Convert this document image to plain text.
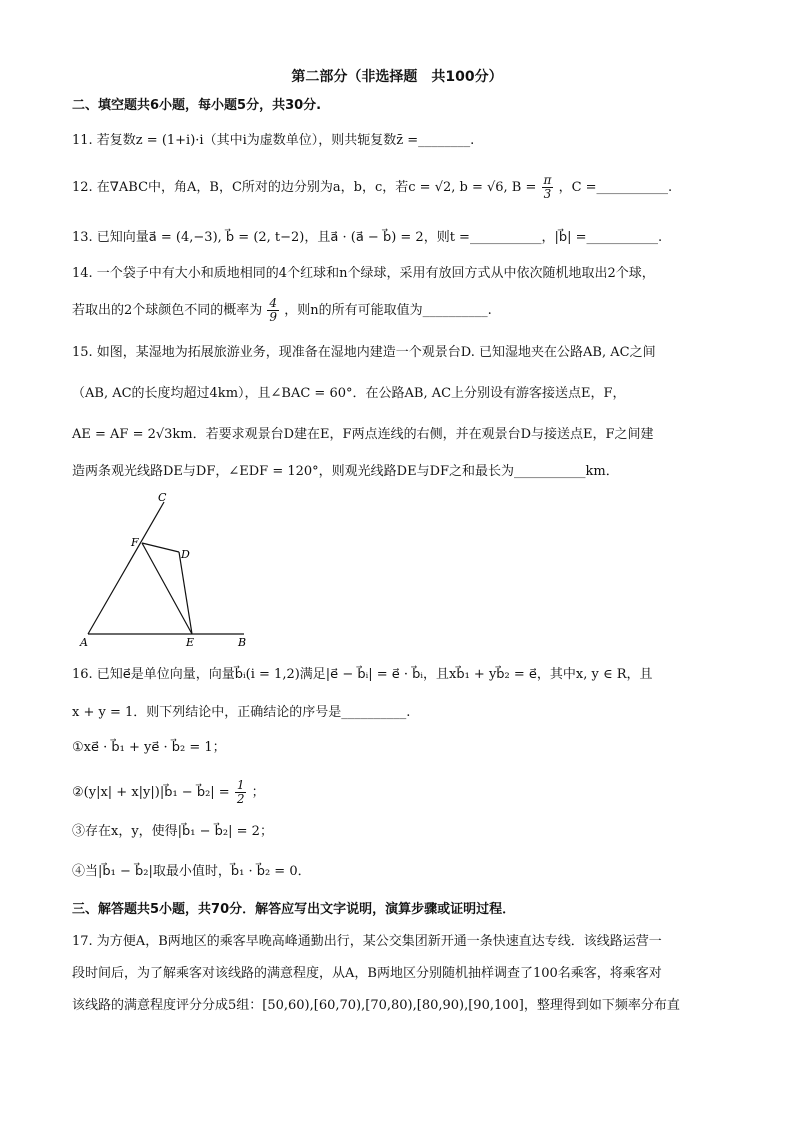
第二部分（非选择题　共100分）
二、填空题共6小题，每小题5分，共30分.
11. 若复数z = (1+i)·i（其中i为虚数单位），则共轭复数z̄ =________.
12. 在∇ABC中，角A，B，C所对的边分别为a，b，c，若c = √2, b = √6, $B = \frac{\pi}{3}$ ，C =___________.
13. 已知向量a⃗ = (4,−3), b⃗ = (2, t−2)，且a⃗ · (a⃗ − b⃗) = 2，则t =___________，|b⃗| =___________.
14. 一个袋子中有大小和质地相同的4个红球和n个绿球，采用有放回方式从中依次随机地取出2个球，
若取出的2个球颜色不同的概率为 $\frac{4}{9}$ ，则n的所有可能取值为__________.
15. 如图，某湿地为拓展旅游业务，现准备在湿地内建造一个观景台D. 已知湿地夹在公路AB, AC之间
（AB, AC的长度均超过4km），且∠BAC = 60°．在公路AB, AC上分别设有游客接送点E，F，
AE = AF = 2√3km．若要求观景台D建在E，F两点连线的右侧，并在观景台D与接送点E，F之间建
造两条观光线路DE与DF，∠EDF = 120°，则观光线路DE与DF之和最长为___________km．
A	B
C
D
E
F
16. 已知e⃗是单位向量，向量b⃗ᵢ(i = 1,2)满足|e⃗ − b⃗ᵢ| = e⃗ · b⃗ᵢ，且xb⃗₁ + yb⃗₂ = e⃗，其中x, y ∈ R，且
x + y = 1．则下列结论中，正确结论的序号是__________.
①xe⃗ · b⃗₁ + ye⃗ · b⃗₂ = 1；
②(y|x| + x|y|)|b⃗₁ − b⃗₂| = $\frac{1}{2}$ ；
③存在x，y，使得|b⃗₁ − b⃗₂| = 2；
④当|b⃗₁ − b⃗₂|取最小值时，b⃗₁ · b⃗₂ = 0．
三、解答题共5小题，共70分．解答应写出文字说明，演算步骤或证明过程．
17. 为方便A，B两地区的乘客早晚高峰通勤出行，某公交集团新开通一条快速直达专线．该线路运营一
段时间后，为了解乘客对该线路的满意程度，从A，B两地区分别随机抽样调查了100名乘客，将乘客对
该线路的满意程度评分分成5组：[50,60),[60,70),[70,80),[80,90),[90,100]，整理得到如下频率分布直
